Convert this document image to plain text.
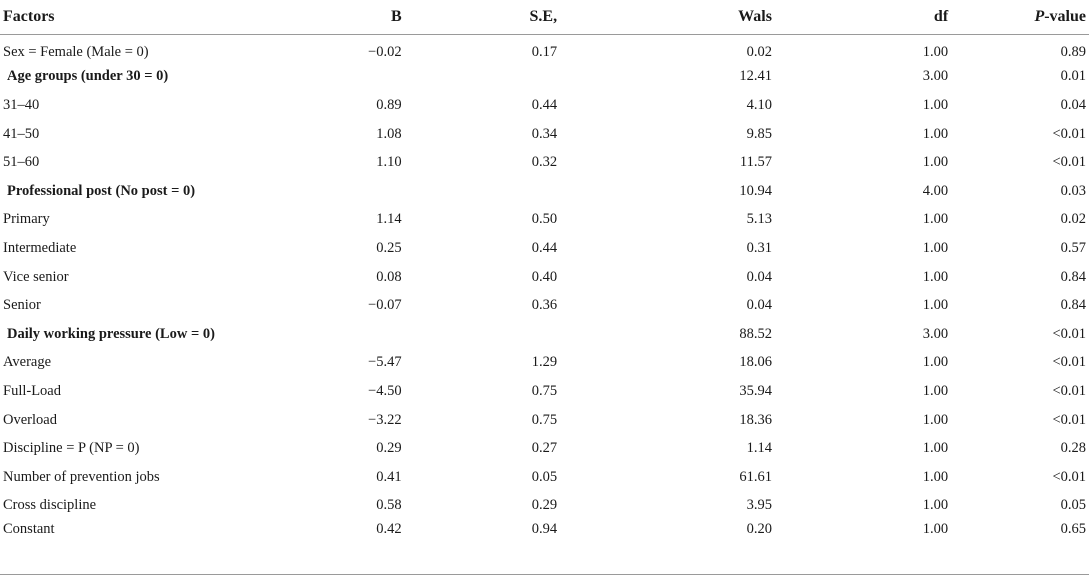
Factors	B	S.E,	Wals	df	P-value
Sex = Female (Male = 0)	−0.02	0.17	0.02	1.00	0.89
Age groups (under 30 = 0)			12.41	3.00	0.01
31–40	0.89	0.44	4.10	1.00	0.04
41–50	1.08	0.34	9.85	1.00	<0.01
51–60	1.10	0.32	11.57	1.00	<0.01
Professional post (No post = 0)			10.94	4.00	0.03
Primary	1.14	0.50	5.13	1.00	0.02
Intermediate	0.25	0.44	0.31	1.00	0.57
Vice senior	0.08	0.40	0.04	1.00	0.84
Senior	−0.07	0.36	0.04	1.00	0.84
Daily working pressure (Low = 0)			88.52	3.00	<0.01
Average	−5.47	1.29	18.06	1.00	<0.01
Full-Load	−4.50	0.75	35.94	1.00	<0.01
Overload	−3.22	0.75	18.36	1.00	<0.01
Discipline = P (NP = 0)	0.29	0.27	1.14	1.00	0.28
Number of prevention jobs	0.41	0.05	61.61	1.00	<0.01
Cross discipline	0.58	0.29	3.95	1.00	0.05
Constant	0.42	0.94	0.20	1.00	0.65
